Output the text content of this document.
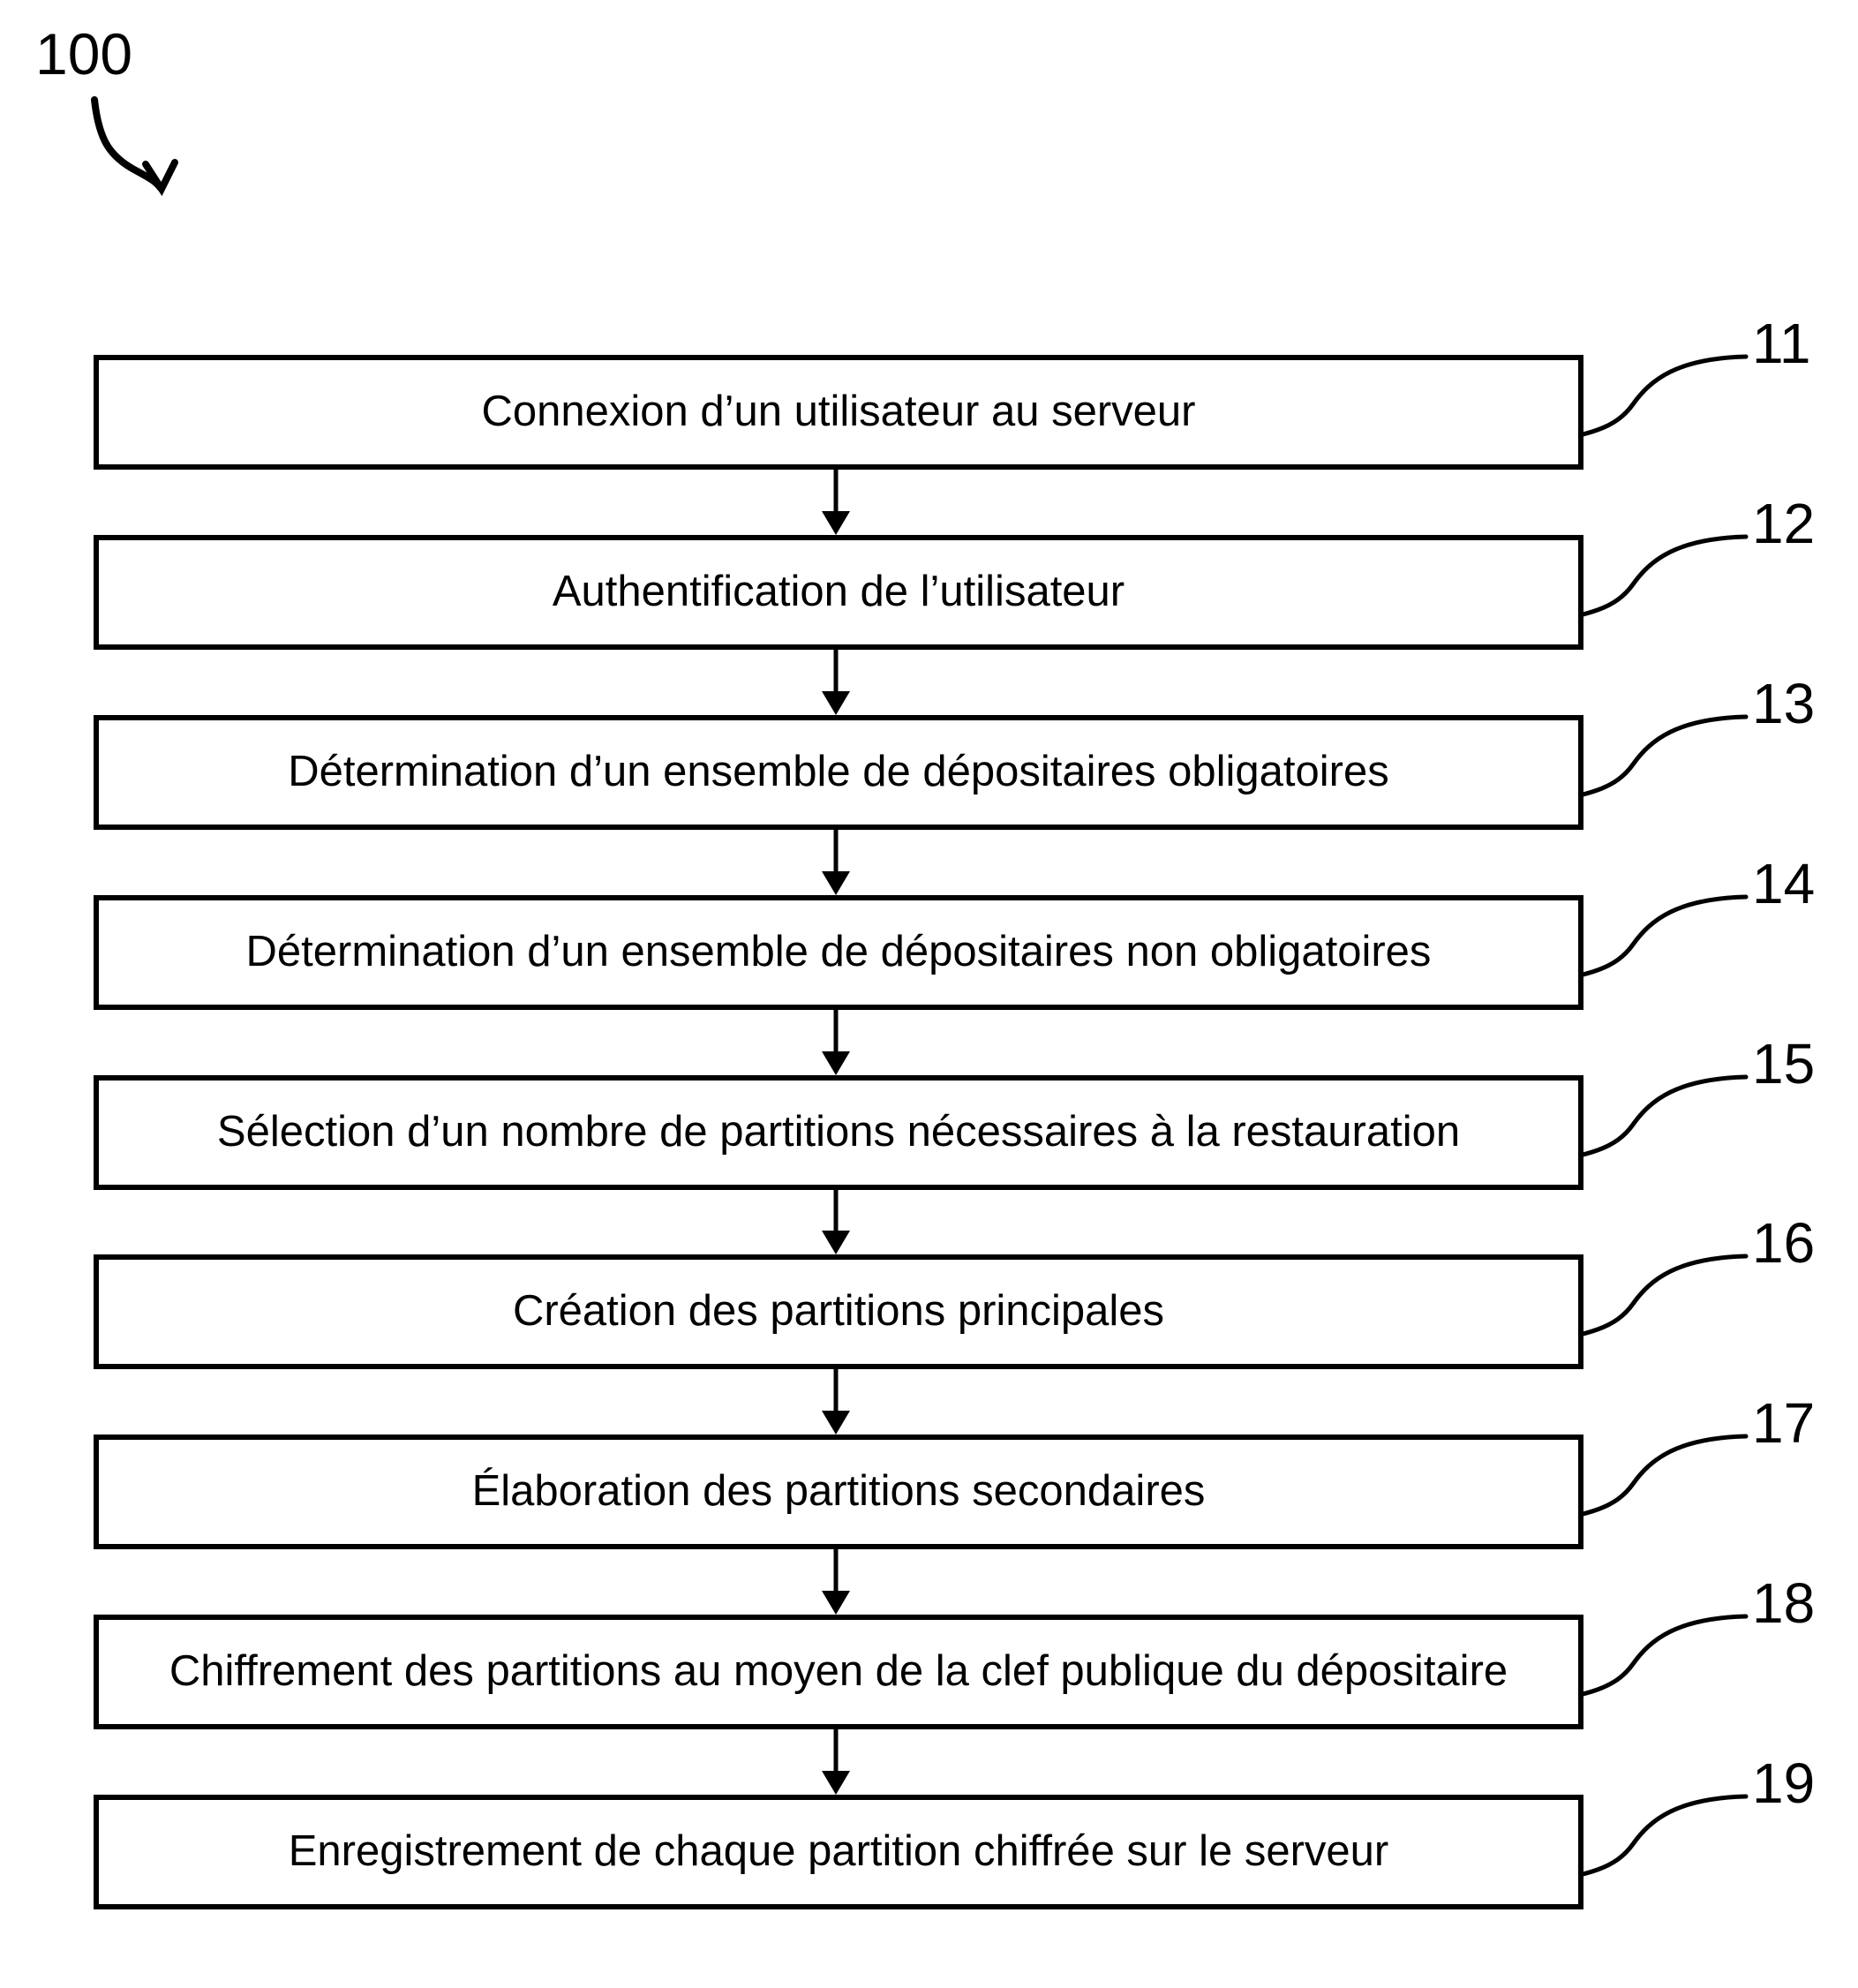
100
Connexion d’un utilisateur au serveur
11
Authentification de l’utilisateur
12
Détermination d’un ensemble de dépositaires obligatoires
13
Détermination d’un ensemble de dépositaires non obligatoires
14
Sélection d’un nombre de partitions nécessaires à la restauration
15
Création des partitions principales
16
Élaboration des partitions secondaires
17
Chiffrement des partitions au moyen de la clef publique du dépositaire
18
Enregistrement de chaque partition chiffrée sur le serveur
19
